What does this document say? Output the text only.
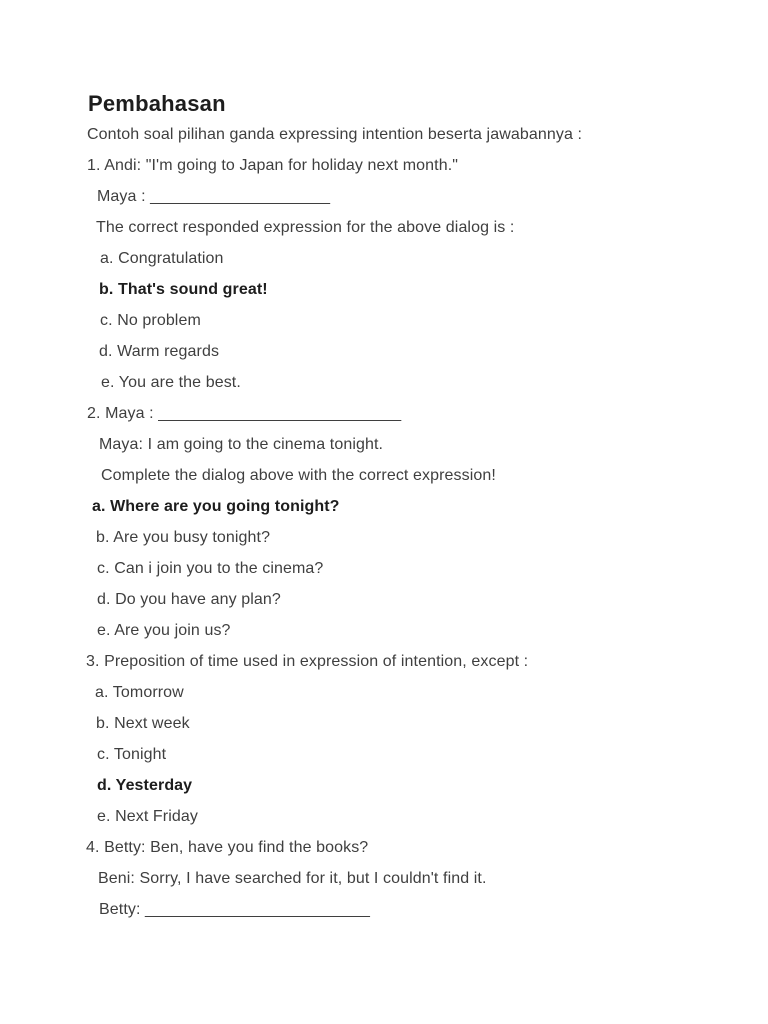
Pembahasan
Contoh soal pilihan ganda expressing intention beserta jawabannya :
1. Andi: "I'm going to Japan for holiday next month."
Maya : ____________________
The correct responded expression for the above dialog is :
a. Congratulation
b. That's sound great!
c. No problem
d. Warm regards
e. You are the best.
2. Maya : ___________________________
Maya: I am going to the cinema tonight.
Complete the dialog above with the correct expression!
a. Where are you going tonight?
b. Are you busy tonight?
c. Can i join you to the cinema?
d. Do you have any plan?
e. Are you join us?
3. Preposition of time used in expression of intention, except :
a. Tomorrow
b. Next week
c. Tonight
d. Yesterday
e. Next Friday
4. Betty: Ben, have you find the books?
Beni: Sorry, I have searched for it, but I couldn't find it.
Betty: _________________________
